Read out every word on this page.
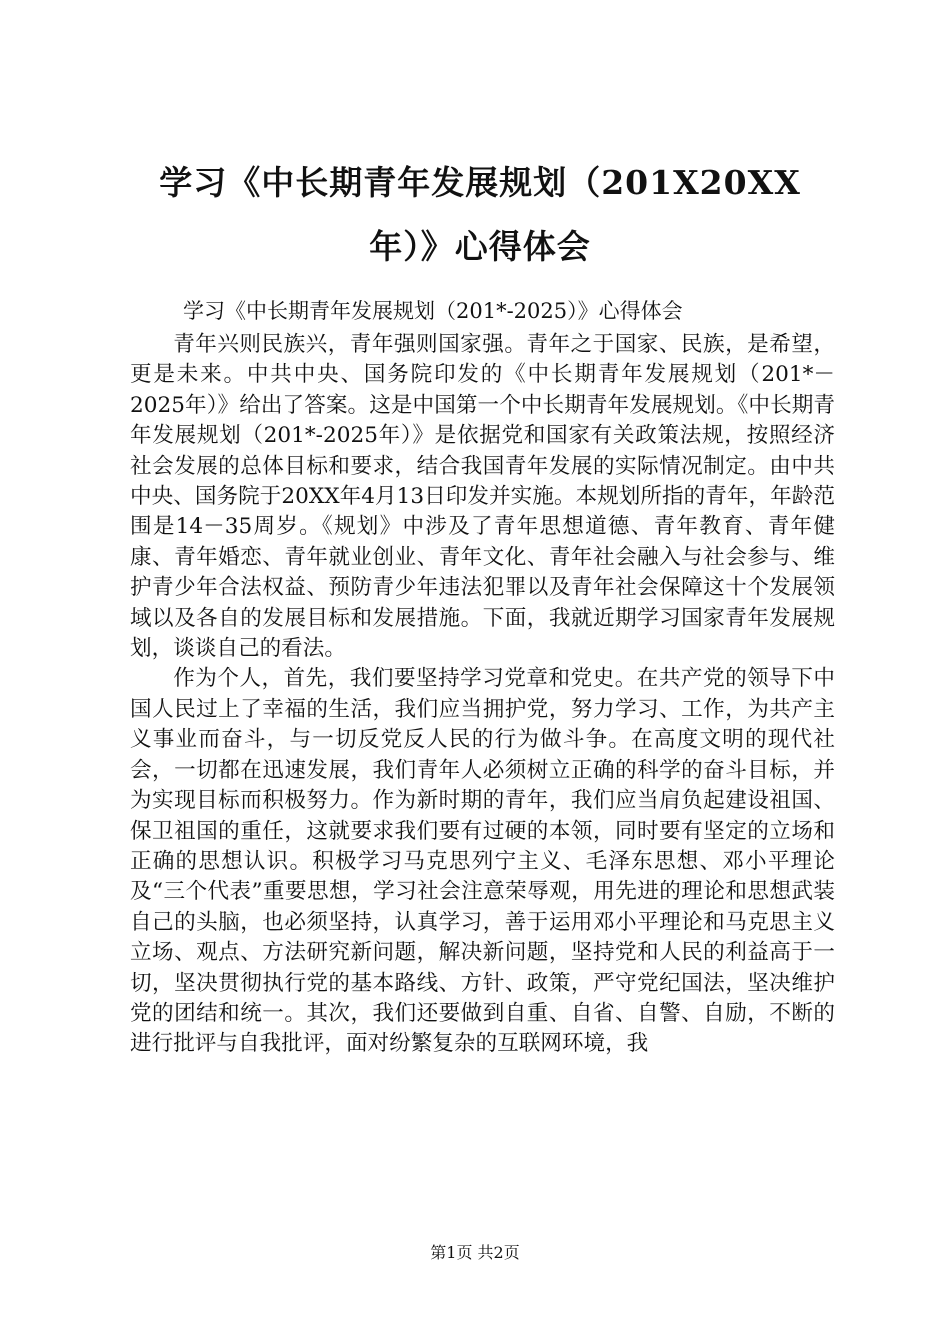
学习《中长期青年发展规划（201X20XX
年）》心得体会
学习《中长期青年发展规划（201*-2025）》心得体会

青年兴则民族兴，青年强则国家强。青年之于国家、民族，是希望，更是未来。中共中央、国务院印发的《中长期青年发展规划（201*－2025年）》给出了答案。这是中国第一个中长期青年发展规划。《中长期青年发展规划（201*-2025年）》是依据党和国家有关政策法规，按照经济社会发展的总体目标和要求，结合我国青年发展的实际情况制定。由中共中央、国务院于20XX年4月13日印发并实施。本规划所指的青年，年龄范围是14－35周岁。《规划》中涉及了青年思想道德、青年教育、青年健康、青年婚恋、青年就业创业、青年文化、青年社会融入与社会参与、维护青少年合法权益、预防青少年违法犯罪以及青年社会保障这十个发展领域以及各自的发展目标和发展措施。下面，我就近期学习国家青年发展规划，谈谈自己的看法。

作为个人，首先，我们要坚持学习党章和党史。在共产党的领导下中国人民过上了幸福的生活，我们应当拥护党，努力学习、工作，为共产主义事业而奋斗，与一切反党反人民的行为做斗争。在高度文明的现代社会，一切都在迅速发展，我们青年人必须树立正确的科学的奋斗目标，并为实现目标而积极努力。作为新时期的青年，我们应当肩负起建设祖国、保卫祖国的重任，这就要求我们要有过硬的本领，同时要有坚定的立场和正确的思想认识。积极学习马克思列宁主义、毛泽东思想、邓小平理论及“三个代表”重要思想，学习社会注意荣辱观，用先进的理论和思想武装自己的头脑，也必须坚持，认真学习，善于运用邓小平理论和马克思主义立场、观点、方法研究新问题，解决新问题，坚持党和人民的利益高于一切，坚决贯彻执行党的基本路线、方针、政策，严守党纪国法，坚决维护党的团结和统一。其次，我们还要做到自重、自省、自警、自励，不断的进行批评与自我批评，面对纷繁复杂的互联网环境，我

第1页 共2页
